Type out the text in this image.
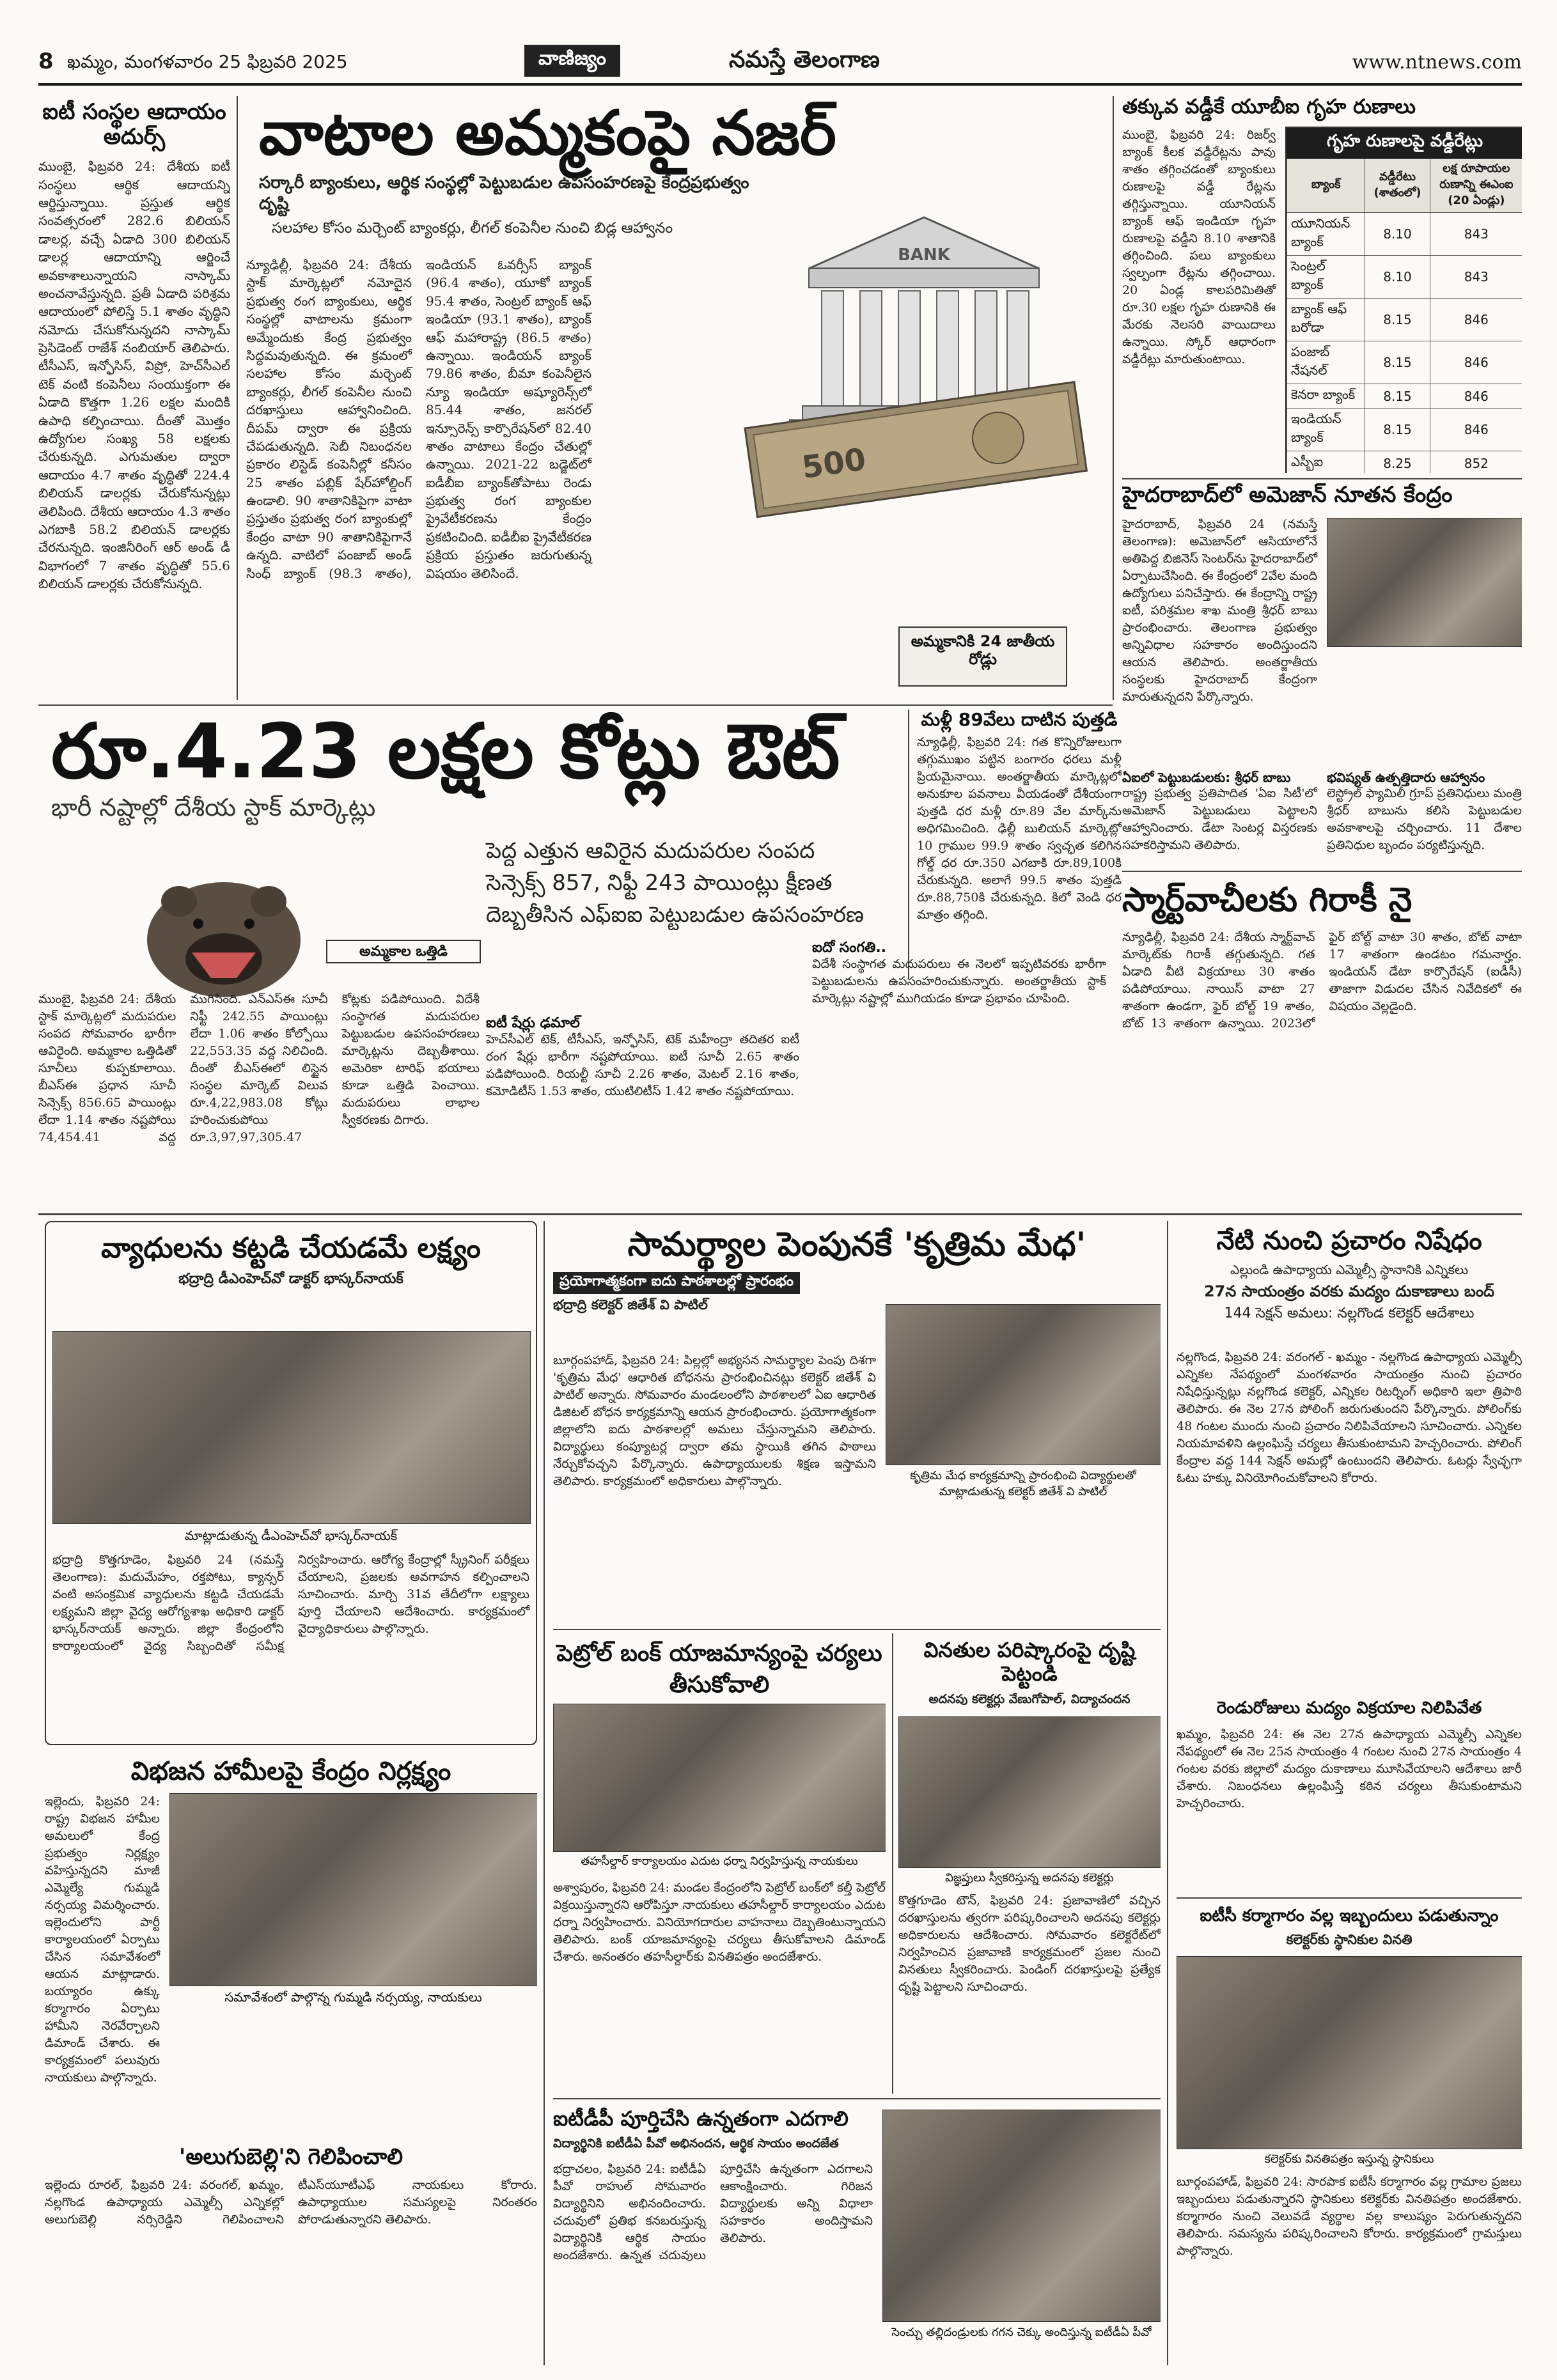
8 ఖమ్మం, మంగళవారం 25 ఫిబ్రవరి 2025	వాణిజ్యం	నమస్తే తెలంగాణ	www.ntnews.com
ఐటీ సంస్థల ఆదాయం అదుర్స్
ముంబై, ఫిబ్రవరి 24: దేశీయ ఐటీ సంస్థలు ఆర్థిక ఆదాయన్ని ఆర్జిస్తున్నాయి. ప్రస్తుత ఆర్థిక సంవత్సరంలో 282.6 బిలియన్ డాలర్ల, వచ్చే ఏడాది 300 బిలియన్ డాలర్ల ఆదాయాన్ని ఆర్జించే అవకాశాలున్నాయని నాస్కామ్ అంచనావేస్తున్నది. ప్రతీ ఏడాది పరిశ్రమ ఆదాయంలో పోలిస్తే 5.1 శాతం వృద్ధిని నమోదు చేసుకోనున్నదని నాస్కామ్ ప్రెసిడెంట్ రాజేశ్ నంబియార్ తెలిపారు. టీసీఎస్, ఇన్ఫోసిస్, విప్రో, హెచ్‌సీఎల్ టెక్ వంటి కంపెనీలు సంయుక్తంగా ఈ ఏడాది కొత్తగా 1.26 లక్షల మందికి ఉపాధి కల్పించాయి. దీంతో మొత్తం ఉద్యోగుల సంఖ్య 58 లక్షలకు చేరుకున్నది. ఎగుమతుల ద్వారా ఆదాయం 4.7 శాతం వృద్ధితో 224.4 బిలియన్ డాలర్లకు చేరుకోనున్నట్లు తెలిపింది. దేశీయ ఆదాయం 4.3 శాతం ఎగబాకి 58.2 బిలియన్ డాలర్లకు చేరనున్నది. ఇంజినీరింగ్ ఆర్ అండ్ డీ విభాగంలో 7 శాతం వృద్ధితో 55.6 బిలియన్ డాలర్లకు చేరుకోనున్నది.
వాటాల అమ్మకంపై నజర్
సర్కారీ బ్యాంకులు, ఆర్థిక సంస్థల్లో పెట్టుబడుల ఉపసంహరణపై కేంద్రప్రభుత్వం దృష్టి
సలహాల కోసం మర్చెంట్ బ్యాంకర్లు, లీగల్ కంపెనీల నుంచి బిడ్ల ఆహ్వానం
న్యూఢిల్లీ, ఫిబ్రవరి 24: దేశీయ స్టాక్ మార్కెట్లలో నమోదైన ప్రభుత్వ రంగ బ్యాంకులు, ఆర్థిక సంస్థల్లో వాటాలను క్రమంగా అమ్మేందుకు కేంద్ర ప్రభుత్వం సిద్ధమవుతున్నది. ఈ క్రమంలో సలహాల కోసం మర్చెంట్ బ్యాంకర్లు, లీగల్ కంపెనీల నుంచి దరఖాస్తులు ఆహ్వానించింది. దీపమ్ ద్వారా ఈ ప్రక్రియ చేపడుతున్నది. సెబీ నిబంధనల ప్రకారం లిస్టెడ్ కంపెనీల్లో కనీసం 25 శాతం పబ్లిక్ షేర్‌హోల్డింగ్ ఉండాలి. 90 శాతానికిపైగా వాటా ప్రస్తుతం ప్రభుత్వ రంగ బ్యాంకుల్లో కేంద్రం వాటా 90 శాతానికిపైగానే ఉన్నది. వాటిలో పంజాబ్ అండ్ సింధ్ బ్యాంక్ (98.3 శాతం), ఇండియన్ ఓవర్సీస్ బ్యాంక్ (96.4 శాతం), యూకో బ్యాంక్ 95.4 శాతం, సెంట్రల్ బ్యాంక్ ఆఫ్ ఇండియా (93.1 శాతం), బ్యాంక్ ఆఫ్ మహారాష్ట్ర (86.5 శాతం) ఉన్నాయి. ఇండియన్ బ్యాంక్ 79.86 శాతం, బీమా కంపెనీలైన న్యూ ఇండియా అష్యూరెన్స్‌లో 85.44 శాతం, జనరల్ ఇన్సూరెన్స్ కార్పొరేషన్‌లో 82.40 శాతం వాటాలు కేంద్రం చేతుల్లో ఉన్నాయి. 2021-22 బడ్జెట్‌లో ఐడీబీఐ బ్యాంక్‌తోపాటు రెండు ప్రభుత్వ రంగ బ్యాంకుల ప్రైవేటీకరణను కేంద్రం ప్రకటించింది. ఐడీబీఐ ప్రైవేటీకరణ ప్రక్రియ ప్రస్తుతం జరుగుతున్న విషయం తెలిసిందే.
BANK
500
అమ్మకానికి 24 జాతీయ రోడ్లు
తక్కువ వడ్డీకే యూబీఐ గృహ రుణాలు
ముంబై, ఫిబ్రవరి 24: రిజర్వ్ బ్యాంక్ కీలక వడ్డీరేట్లను పావు శాతం తగ్గించడంతో బ్యాంకులు రుణాలపై వడ్డీ రేట్లను తగ్గిస్తున్నాయి. యూనియన్ బ్యాంక్ ఆఫ్ ఇండియా గృహ రుణాలపై వడ్డీని 8.10 శాతానికి తగ్గించింది. పలు బ్యాంకులు స్వల్పంగా రేట్లను తగ్గించాయి. 20 ఏండ్ల కాలపరిమితితో రూ.30 లక్షల గృహ రుణానికి ఈ మేరకు నెలసరి వాయిదాలు ఉన్నాయి. స్కోర్‌ ఆధారంగా వడ్డీరేట్లు మారుతుంటాయి.
గృహ రుణాలపై వడ్డీరేట్లు
బ్యాంక్	వడ్డీరేటు (శాతంలో)	లక్ష రూపాయల రుణాన్ని ఈఎంఐ (20 ఏండ్లు)
యూనియన్ బ్యాంక్	8.10	843
సెంట్రల్ బ్యాంక్	8.10	843
బ్యాంక్ ఆఫ్ బరోడా	8.15	846
పంజాబ్ నేషనల్	8.15	846
కెనరా బ్యాంక్	8.15	846
ఇండియన్ బ్యాంక్	8.15	846
ఎస్బీఐ	8.25	852

హైదరాబాద్‌లో అమెజాన్ నూతన కేంద్రం
హైదరాబాద్, ఫిబ్రవరి 24 (నమస్తే తెలంగాణ): అమెజాన్‌లో ఆసియాలోనే అతిపెద్ద బిజినెస్ సెంటర్‌ను హైదరాబాద్‌లో ఏర్పాటుచేసింది. ఈ కేంద్రంలో 2వేల మంది ఉద్యోగులు పనిచేస్తారు. ఈ కేంద్రాన్ని రాష్ట్ర ఐటీ, పరిశ్రమల శాఖ మంత్రి శ్రీధర్ బాబు ప్రారంభించారు. తెలంగాణ ప్రభుత్వం అన్నివిధాల సహకారం అందిస్తుందని ఆయన తెలిపారు. అంతర్జాతీయ సంస్థలకు హైదరాబాద్ కేంద్రంగా మారుతున్నదని పేర్కొన్నారు.
ఏఐలో పెట్టుబడులకు: శ్రీధర్ బాబు
రాష్ట్ర ప్రభుత్వ ప్రతిపాదిత 'ఏఐ సిటీ'లో అమెజాన్ పెట్టుబడులు పెట్టాలని ఆహ్వానించారు. డేటా సెంటర్ల విస్తరణకు సహకరిస్తామని తెలిపారు.
భవిష్యత్ ఉత్పత్తిదారు ఆహ్వానం
లెస్ట్రోల్ ఫ్యామిలీ గ్రూప్ ప్రతినిధులు మంత్రి శ్రీధర్ బాబును కలిసి పెట్టుబడుల అవకాశాలపై చర్చించారు. 11 దేశాల ప్రతినిధుల బృందం పర్యటిస్తున్నది.
రూ.4.23 లక్షల కోట్లు ఔట్
భారీ నష్టాల్లో దేశీయ స్టాక్ మార్కెట్లు
పెద్ద ఎత్తున ఆవిరైన మదుపరుల సంపద
సెన్సెక్స్ 857, నిఫ్టీ 243 పాయింట్లు క్షీణత
దెబ్బతీసిన ఎఫ్ఐఐ పెట్టుబడుల ఉపసంహరణ
అమ్మకాల ఒత్తిడి
ముంబై, ఫిబ్రవరి 24: దేశీయ స్టాక్ మార్కెట్లలో మదుపరుల సంపద సోమవారం భారీగా ఆవిరైంది. అమ్మకాల ఒత్తిడితో సూచీలు కుప్పకూలాయి. బీఎస్ఈ ప్రధాన సూచీ సెన్సెక్స్ 856.65 పాయింట్లు లేదా 1.14 శాతం నష్టపోయి 74,454.41 వద్ద ముగిసింది. ఎన్ఎస్ఈ సూచీ నిఫ్టీ 242.55 పాయింట్లు లేదా 1.06 శాతం కోల్పోయి 22,553.35 వద్ద నిలిచింది. దీంతో బీఎస్ఈలో లిస్టైన సంస్థల మార్కెట్ విలువ రూ.4,22,983.08 కోట్లు హరించుకుపోయి రూ.3,97,97,305.47 కోట్లకు పడిపోయింది. విదేశీ సంస్థాగత మదుపరుల పెట్టుబడుల ఉపసంహరణలు మార్కెట్లను దెబ్బతీశాయి. అమెరికా టారిఫ్ భయాలు కూడా ఒత్తిడి పెంచాయి. మదుపరులు లాభాల స్వీకరణకు దిగారు.
ఐటీ షేర్లు ఢమాల్
హెచ్‌సీఎల్ టెక్, టీసీఎస్, ఇన్ఫోసిస్, టెక్ మహీంద్రా తదితర ఐటీ రంగ షేర్లు భారీగా నష్టపోయాయి. ఐటీ సూచీ 2.65 శాతం పడిపోయింది. రియల్టీ సూచీ 2.26 శాతం, మెటల్ 2.16 శాతం, కమోడిటీస్ 1.53 శాతం, యుటిలిటీస్ 1.42 శాతం నష్టపోయాయి.
ఐదో సంగతి..
విదేశీ సంస్థాగత మదుపరులు ఈ నెలలో ఇప్పటివరకు భారీగా పెట్టుబడులను ఉపసంహరించుకున్నారు. అంతర్జాతీయ స్టాక్ మార్కెట్లు నష్టాల్లో ముగియడం కూడా ప్రభావం చూపింది.
మళ్లీ 89వేలు దాటిన పుత్తడి
న్యూఢిల్లీ, ఫిబ్రవరి 24: గత కొన్నిరోజులుగా తగ్గుముఖం పట్టిన బంగారం ధరలు మళ్లీ ప్రియమైనాయి. అంతర్జాతీయ మార్కెట్లలో అనుకూల పవనాలు వీయడంతో దేశీయంగా పుత్తడి ధర మళ్లీ రూ.89 వేల మార్క్‌ను అధిగమించింది. ఢిల్లీ బులియన్ మార్కెట్లో 10 గ్రాముల 99.9 శాతం స్వచ్ఛత కలిగిన గోల్డ్ ధర రూ.350 ఎగబాకి రూ.89,100కి చేరుకున్నది. అలాగే 99.5 శాతం పుత్తడి రూ.88,750కి చేరుకున్నది. కిలో వెండి ధర మాత్రం తగ్గింది.	స్మార్ట్‌వాచీలకు గిరాకీ నై
న్యూఢిల్లీ, ఫిబ్రవరి 24: దేశీయ స్మార్ట్‌వాచ్ మార్కెట్‌కు గిరాకీ తగ్గుతున్నది. గత ఏడాది వీటి విక్రయాలు 30 శాతం పడిపోయాయి. నాయిస్ వాటా 27 శాతంగా ఉండగా, ఫైర్ బోల్ట్ 19 శాతం, బోట్ 13 శాతంగా ఉన్నాయి. 2023లో ఫైర్ బోల్ట్ వాటా 30 శాతం, బోట్ వాటా 17 శాతంగా ఉండటం గమనార్హం. ఇండియన్ డేటా కార్పొరేషన్ (ఐడీసీ) తాజాగా విడుదల చేసిన నివేదికలో ఈ విషయం వెల్లడైంది.
వ్యాధులను కట్టడి చేయడమే లక్ష్యం
భద్రాద్రి డీఎంహెచ్‌వో డాక్టర్ భాస్కర్‌నాయక్
మాట్లాడుతున్న డీఎంహెచ్‌వో భాస్కర్‌నాయక్
భద్రాద్రి కొత్తగూడెం, ఫిబ్రవరి 24 (నమస్తే తెలంగాణ): మదుమేహం, రక్తపోటు, క్యాన్సర్ వంటి అసంక్రమిక వ్యాధులను కట్టడి చేయడమే లక్ష్యమని జిల్లా వైద్య ఆరోగ్యశాఖ అధికారి డాక్టర్ భాస్కర్‌నాయక్ అన్నారు. జిల్లా కేంద్రంలోని కార్యాలయంలో వైద్య సిబ్బందితో సమీక్ష నిర్వహించారు. ఆరోగ్య కేంద్రాల్లో స్క్రీనింగ్ పరీక్షలు చేయాలని, ప్రజలకు అవగాహన కల్పించాలని సూచించారు. మార్చి 31వ తేదీలోగా లక్ష్యాలు పూర్తి చేయాలని ఆదేశించారు. కార్యక్రమంలో వైద్యాధికారులు పాల్గొన్నారు.
విభజన హామీలపై కేంద్రం నిర్లక్ష్యం
ఇల్లెందు, ఫిబ్రవరి 24: రాష్ట్ర విభజన హామీల అమలులో కేంద్ర ప్రభుత్వం నిర్లక్ష్యం వహిస్తున్నదని మాజీ ఎమ్మెల్యే గుమ్మడి నర్సయ్య విమర్శించారు. ఇల్లెందులోని పార్టీ కార్యాలయంలో ఏర్పాటు చేసిన సమావేశంలో ఆయన మాట్లాడారు. బయ్యారం ఉక్కు కర్మాగారం ఏర్పాటు హామీని నెరవేర్చాలని డిమాండ్ చేశారు. ఈ కార్యక్రమంలో పలువురు నాయకులు పాల్గొన్నారు.
సమావేశంలో పాల్గొన్న గుమ్మడి నర్సయ్య, నాయకులు
'అలుగుబెల్లి'ని గెలిపించాలి
ఇల్లెందు రూరల్, ఫిబ్రవరి 24: వరంగల్, ఖమ్మం, నల్లగొండ ఉపాధ్యాయ ఎమ్మెల్సీ ఎన్నికల్లో అలుగుబెల్లి నర్సిరెడ్డిని గెలిపించాలని టీఎస్‌యూటీఎఫ్ నాయకులు కోరారు. ఉపాధ్యాయుల సమస్యలపై నిరంతరం పోరాడుతున్నారని తెలిపారు.
సామర్థ్యాల పెంపునకే 'కృత్రిమ మేధ'
ప్రయోగాత్మకంగా ఐదు పాఠశాలల్లో ప్రారంభం
భద్రాద్రి కలెక్టర్ జితేశ్ వి పాటిల్
కృత్రిమ మేధ కార్యక్రమాన్ని ప్రారంభించి విద్యార్థులతో మాట్లాడుతున్న కలెక్టర్ జితేశ్ వి పాటిల్
బూర్గంపహాడ్, ఫిబ్రవరి 24: పిల్లల్లో అభ్యసన సామర్థ్యాల పెంపు దిశగా 'కృత్రిమ మేధ' ఆధారిత బోధనను ప్రారంభించినట్లు కలెక్టర్ జితేశ్ వి పాటిల్ అన్నారు. సోమవారం మండలంలోని పాఠశాలలో ఏఐ ఆధారిత డిజిటల్ బోధన కార్యక్రమాన్ని ఆయన ప్రారంభించారు. ప్రయోగాత్మకంగా జిల్లాలోని ఐదు పాఠశాలల్లో అమలు చేస్తున్నామని తెలిపారు. విద్యార్థులు కంప్యూటర్ల ద్వారా తమ స్థాయికి తగిన పాఠాలు నేర్చుకోవచ్చని పేర్కొన్నారు. ఉపాధ్యాయులకు శిక్షణ ఇస్తామని తెలిపారు. కార్యక్రమంలో అధికారులు పాల్గొన్నారు.
పెట్రోల్ బంక్ యాజమాన్యంపై చర్యలు తీసుకోవాలి
తహసీల్దార్ కార్యాలయం ఎదుట ధర్నా నిర్వహిస్తున్న నాయకులు
అశ్వాపురం, ఫిబ్రవరి 24: మండల కేంద్రంలోని పెట్రోల్ బంక్‌లో కల్తీ పెట్రోల్ విక్రయిస్తున్నారని ఆరోపిస్తూ నాయకులు తహసీల్దార్ కార్యాలయం ఎదుట ధర్నా నిర్వహించారు. వినియోగదారుల వాహనాలు దెబ్బతింటున్నాయని తెలిపారు. బంక్ యాజమాన్యంపై చర్యలు తీసుకోవాలని డిమాండ్ చేశారు. అనంతరం తహసీల్దార్‌కు వినతిపత్రం అందజేశారు.
వినతుల పరిష్కారంపై దృష్టి పెట్టండి
అదనపు కలెక్టర్లు వేణుగోపాల్, విద్యాచందన
విజ్ఞప్తులు స్వీకరిస్తున్న అదనపు కలెక్టర్లు
కొత్తగూడెం టౌన్, ఫిబ్రవరి 24: ప్రజావాణిలో వచ్చిన దరఖాస్తులను త్వరగా పరిష్కరించాలని అదనపు కలెక్టర్లు అధికారులను ఆదేశించారు. సోమవారం కలెక్టరేట్‌లో నిర్వహించిన ప్రజావాణి కార్యక్రమంలో ప్రజల నుంచి వినతులు స్వీకరించారు. పెండింగ్ దరఖాస్తులపై ప్రత్యేక దృష్టి పెట్టాలని సూచించారు.
ఐటీడీపీ పూర్తిచేసి ఉన్నతంగా ఎదగాలి
విద్యార్థినికి ఐటీడీఏ పీవో అభినందన, ఆర్థిక సాయం అందజేత
భద్రాచలం, ఫిబ్రవరి 24: ఐటీడీఏ పీవో రాహుల్ సోమవారం విద్యార్థినిని అభినందించారు. చదువులో ప్రతిభ కనబరుస్తున్న విద్యార్థినికి ఆర్థిక సాయం అందజేశారు. ఉన్నత చదువులు పూర్తిచేసి ఉన్నతంగా ఎదగాలని ఆకాంక్షించారు. గిరిజన విద్యార్థులకు అన్ని విధాలా సహకారం అందిస్తామని తెలిపారు.
సెంచ్చు తల్లిదండ్రులకు గగన చెక్కు అందిస్తున్న ఐటీడీఏ పీవో
నేటి నుంచి ప్రచారం నిషేధం
ఎల్లుండి ఉపాధ్యాయ ఎమ్మెల్సీ స్థానానికి ఎన్నికలు
27న సాయంత్రం వరకు మద్యం దుకాణాలు బంద్
144 సెక్షన్ అమలు: నల్లగొండ కలెక్టర్ ఆదేశాలు
నల్లగొండ, ఫిబ్రవరి 24: వరంగల్ - ఖమ్మం - నల్లగొండ ఉపాధ్యాయ ఎమ్మెల్సీ ఎన్నికల నేపథ్యంలో మంగళవారం సాయంత్రం నుంచి ప్రచారం నిషేధిస్తున్నట్లు నల్లగొండ కలెక్టర్, ఎన్నికల రిటర్నింగ్ అధికారి ఇలా త్రిపాఠి తెలిపారు. ఈ నెల 27న పోలింగ్ జరుగుతుందని పేర్కొన్నారు. పోలింగ్‌కు 48 గంటల ముందు నుంచి ప్రచారం నిలిపివేయాలని సూచించారు. ఎన్నికల నియమావళిని ఉల్లంఘిస్తే చర్యలు తీసుకుంటామని హెచ్చరించారు. పోలింగ్ కేంద్రాల వద్ద 144 సెక్షన్ అమల్లో ఉంటుందని తెలిపారు. ఓటర్లు స్వేచ్ఛగా ఓటు హక్కు వినియోగించుకోవాలని కోరారు.
రెండురోజులు మద్యం విక్రయాల నిలిపివేత
ఖమ్మం, ఫిబ్రవరి 24: ఈ నెల 27న ఉపాధ్యాయ ఎమ్మెల్సీ ఎన్నికల నేపథ్యంలో ఈ నెల 25న సాయంత్రం 4 గంటల నుంచి 27న సాయంత్రం 4 గంటల వరకు జిల్లాలో మద్యం దుకాణాలు మూసివేయాలని ఆదేశాలు జారీ చేశారు. నిబంధనలు ఉల్లంఘిస్తే కఠిన చర్యలు తీసుకుంటామని హెచ్చరించారు.
ఐటీసీ కర్మాగారం వల్ల ఇబ్బందులు పడుతున్నాం
కలెక్టర్‌కు స్థానికుల వినతి
కలెక్టర్‌కు వినతిపత్రం ఇస్తున్న స్థానికులు
బూర్గంపహాడ్, ఫిబ్రవరి 24: సారపాక ఐటీసీ కర్మాగారం వల్ల గ్రామాల ప్రజలు ఇబ్బందులు పడుతున్నారని స్థానికులు కలెక్టర్‌కు వినతిపత్రం అందజేశారు. కర్మాగారం నుంచి వెలువడే వ్యర్థాల వల్ల కాలుష్యం పెరుగుతున్నదని తెలిపారు. సమస్యను పరిష్కరించాలని కోరారు. కార్యక్రమంలో గ్రామస్తులు పాల్గొన్నారు.
